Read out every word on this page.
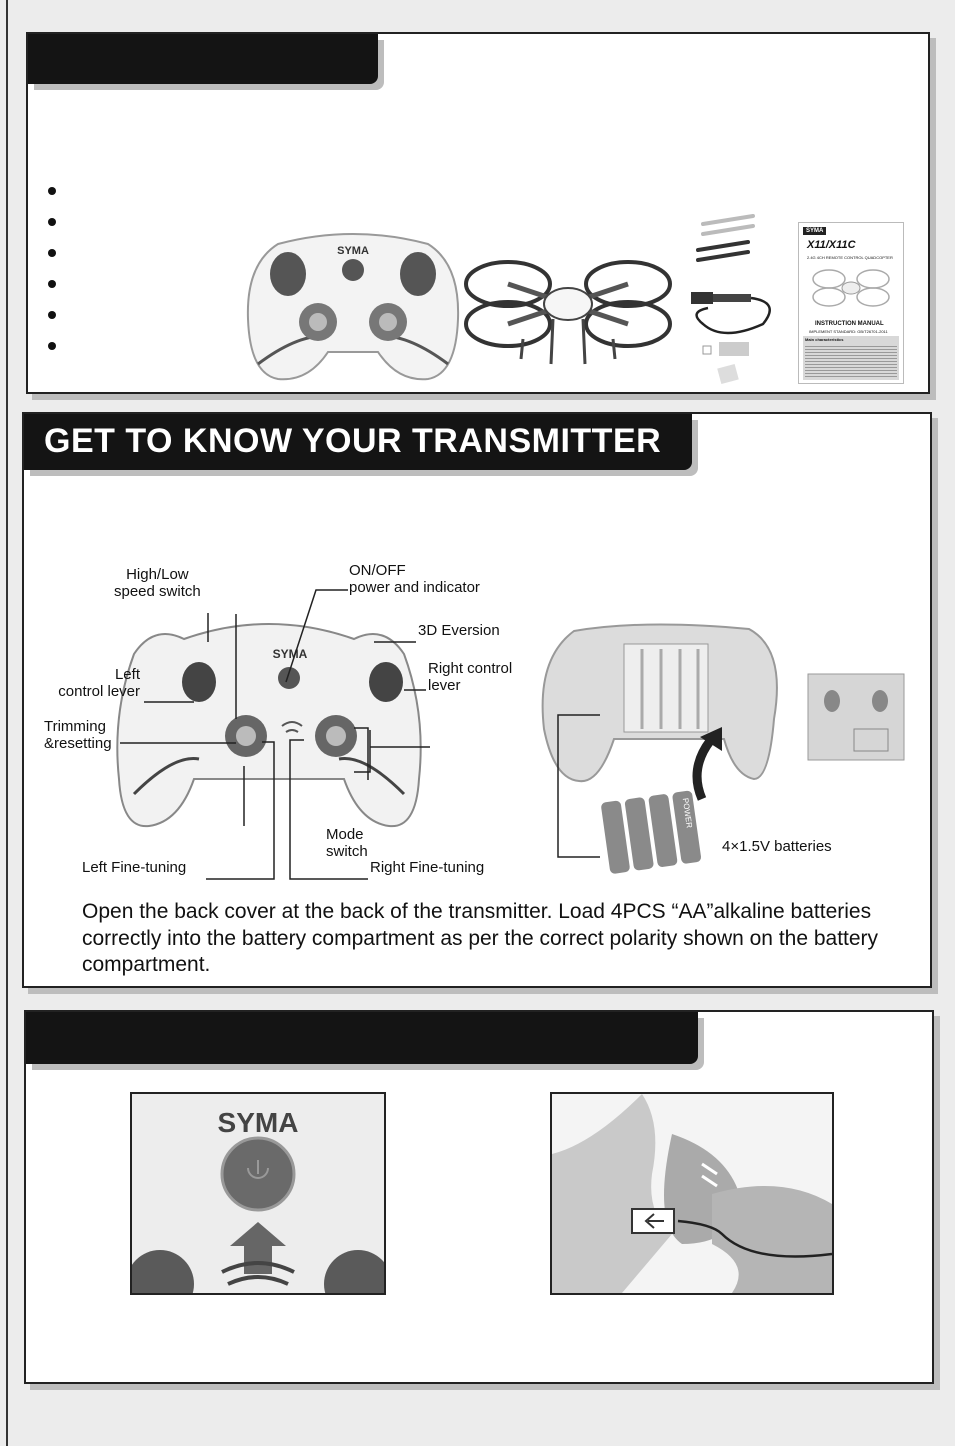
SYMA
SYMA
X11/X11C
2.4G 4CH REMOTE CONTROL QUADCOPTER
INSTRUCTION MANUAL
IMPLEMENT STANDARD: GB/T26701-2011
Main characteristics
GET TO KNOW YOUR TRANSMITTER
SYMA
High/Low
speed switch
ON/OFF
power and indicator
3D Eversion
Left
control lever
Right control
lever
Trimming
&resetting
Mode
switch
Left Fine-tuning	Right Fine-tuning
POWER
4×1.5V batteries
Open the back cover at the back of the transmitter. Load 4PCS “AA”alkaline batteries correctly into the battery compartment as per the correct polarity shown on the battery compartment.
SYMA
